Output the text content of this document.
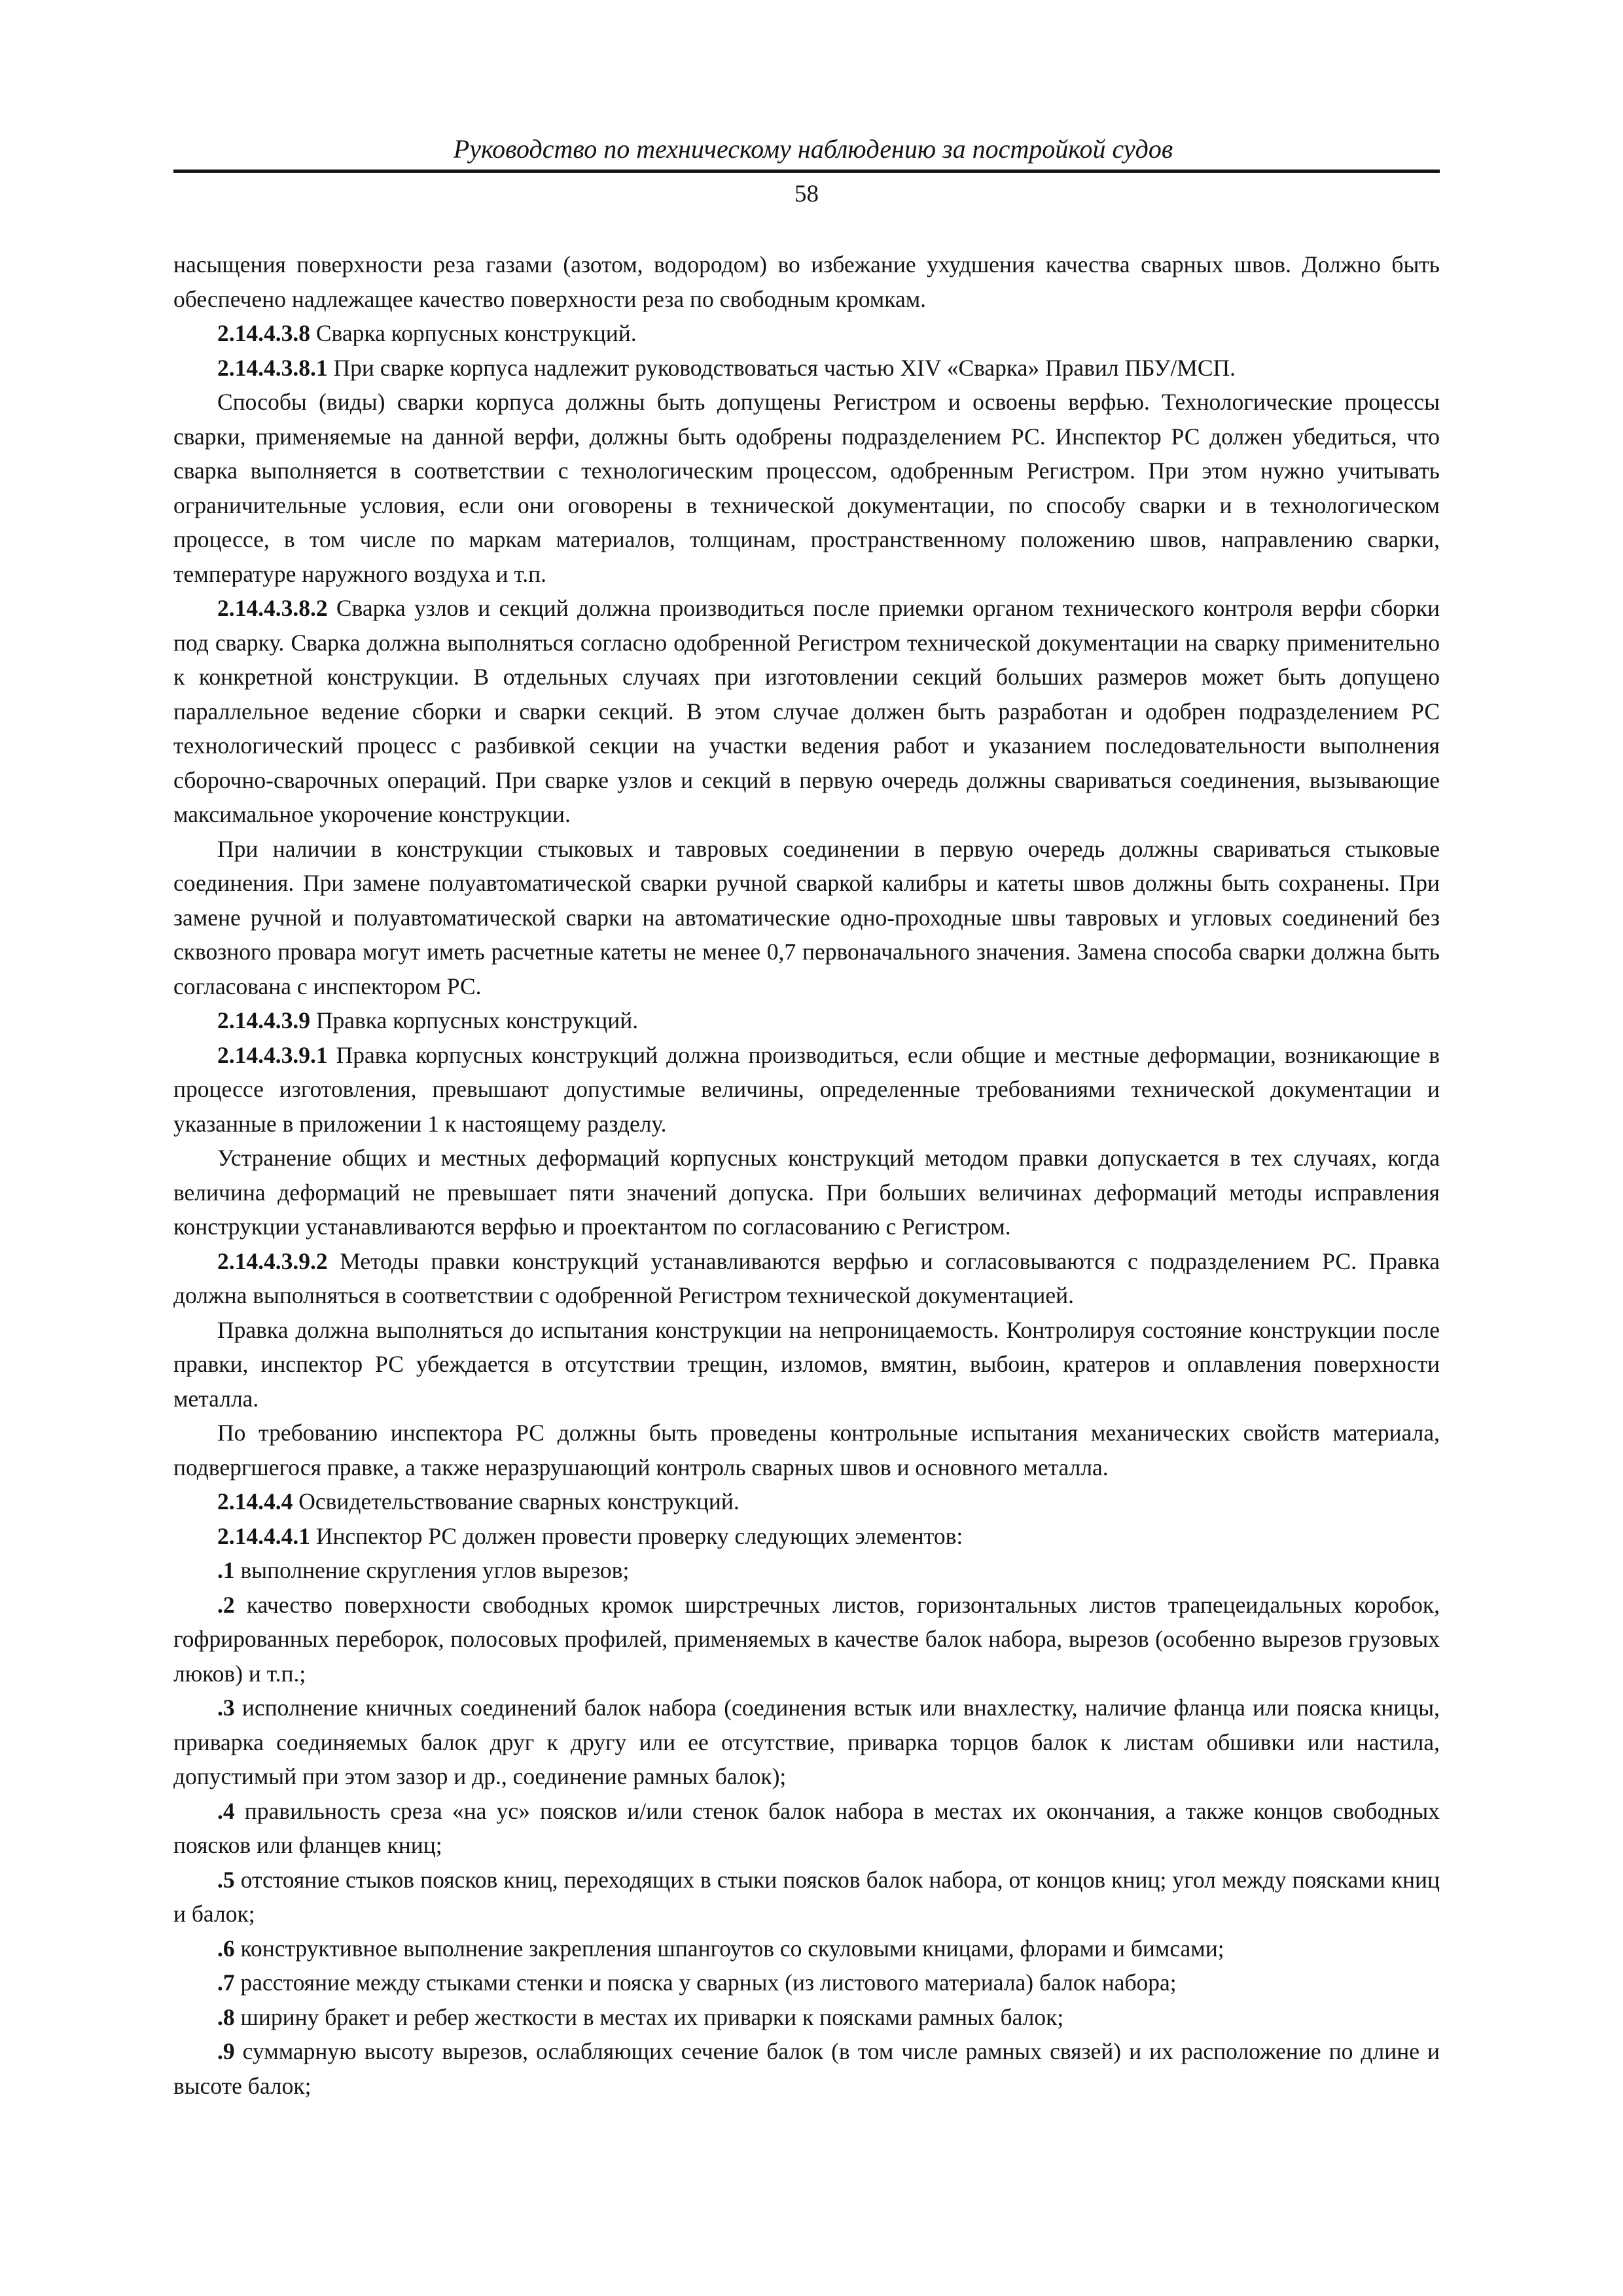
Руководство по техническому наблюдению за постройкой судов
58

насыщения поверхности реза газами (азотом, водородом) во избежание ухудшения качества сварных швов. Должно быть обеспечено надлежащее качество поверхности реза по свободным кромкам.

2.14.4.3.8 Сварка корпусных конструкций.

2.14.4.3.8.1 При сварке корпуса надлежит руководствоваться частью XIV «Сварка» Правил ПБУ/МСП.

Способы (виды) сварки корпуса должны быть допущены Регистром и освоены верфью. Технологические процессы сварки, применяемые на данной верфи, должны быть одобрены подразделением РС. Инспектор РС должен убедиться, что сварка выполняется в соответствии с технологическим процессом, одобренным Регистром. При этом нужно учитывать ограничительные условия, если они оговорены в технической документации, по способу сварки и в технологическом процессе, в том числе по маркам материалов, толщинам, пространственному положению швов, направлению сварки, температуре наружного воздуха и т.п.

2.14.4.3.8.2 Сварка узлов и секций должна производиться после приемки органом технического контроля верфи сборки под сварку. Сварка должна выполняться согласно одобренной Регистром технической документации на сварку применительно к конкретной конструкции. В отдельных случаях при изготовлении секций больших размеров может быть допущено параллельное ведение сборки и сварки секций. В этом случае должен быть разработан и одобрен подразделением РС технологический процесс с разбивкой секции на участки ведения работ и указанием последовательности выполнения сборочно-сварочных операций. При сварке узлов и секций в первую очередь должны свариваться соединения, вызывающие максимальное укорочение конструкции.

При наличии в конструкции стыковых и тавровых соединении в первую очередь должны свариваться стыковые соединения. При замене полуавтоматической сварки ручной сваркой калибры и катеты швов должны быть сохранены. При замене ручной и полуавтоматической сварки на автоматические одно-проходные швы тавровых и угловых соединений без сквозного провара могут иметь расчетные катеты не менее 0,7 первоначального значения. Замена способа сварки должна быть согласована с инспектором РС.

2.14.4.3.9 Правка корпусных конструкций.

2.14.4.3.9.1 Правка корпусных конструкций должна производиться, если общие и местные деформации, возникающие в процессе изготовления, превышают допустимые величины, определенные требованиями технической документации и указанные в приложении 1 к настоящему разделу.

Устранение общих и местных деформаций корпусных конструкций методом правки допускается в тех случаях, когда величина деформаций не превышает пяти значений допуска. При больших величинах деформаций методы исправления конструкции устанавливаются верфью и проектантом по согласованию с Регистром.

2.14.4.3.9.2 Методы правки конструкций устанавливаются верфью и согласовываются с подразделением РС. Правка должна выполняться в соответствии с одобренной Регистром технической документацией.

Правка должна выполняться до испытания конструкции на непроницаемость. Контролируя состояние конструкции после правки, инспектор РС убеждается в отсутствии трещин, изломов, вмятин, выбоин, кратеров и оплавления поверхности металла.

По требованию инспектора РС должны быть проведены контрольные испытания механических свойств материала, подвергшегося правке, а также неразрушающий контроль сварных швов и основного металла.

2.14.4.4 Освидетельствование сварных конструкций.

2.14.4.4.1 Инспектор РС должен провести проверку следующих элементов:

.1 выполнение скругления углов вырезов;

.2 качество поверхности свободных кромок ширстречных листов, горизонтальных листов трапецеидальных коробок, гофрированных переборок, полосовых профилей, применяемых в качестве балок набора, вырезов (особенно вырезов грузовых люков) и т.п.;

.3 исполнение кничных соединений балок набора (соединения встык или внахлестку, наличие фланца или пояска кницы, приварка соединяемых балок друг к другу или ее отсутствие, приварка торцов балок к листам обшивки или настила, допустимый при этом зазор и др., соединение рамных балок);

.4 правильность среза «на ус» поясков и/или стенок балок набора в местах их окончания, а также концов свободных поясков или фланцев книц;

.5 отстояние стыков поясков книц, переходящих в стыки поясков балок набора, от концов книц; угол между поясками книц и балок;

.6 конструктивное выполнение закрепления шпангоутов со скуловыми кницами, флорами и бимсами;

.7 расстояние между стыками стенки и пояска у сварных (из листового материала) балок набора;

.8 ширину бракет и ребер жесткости в местах их приварки к поясками рамных балок;

.9 суммарную высоту вырезов, ослабляющих сечение балок (в том числе рамных связей) и их расположение по длине и высоте балок;
